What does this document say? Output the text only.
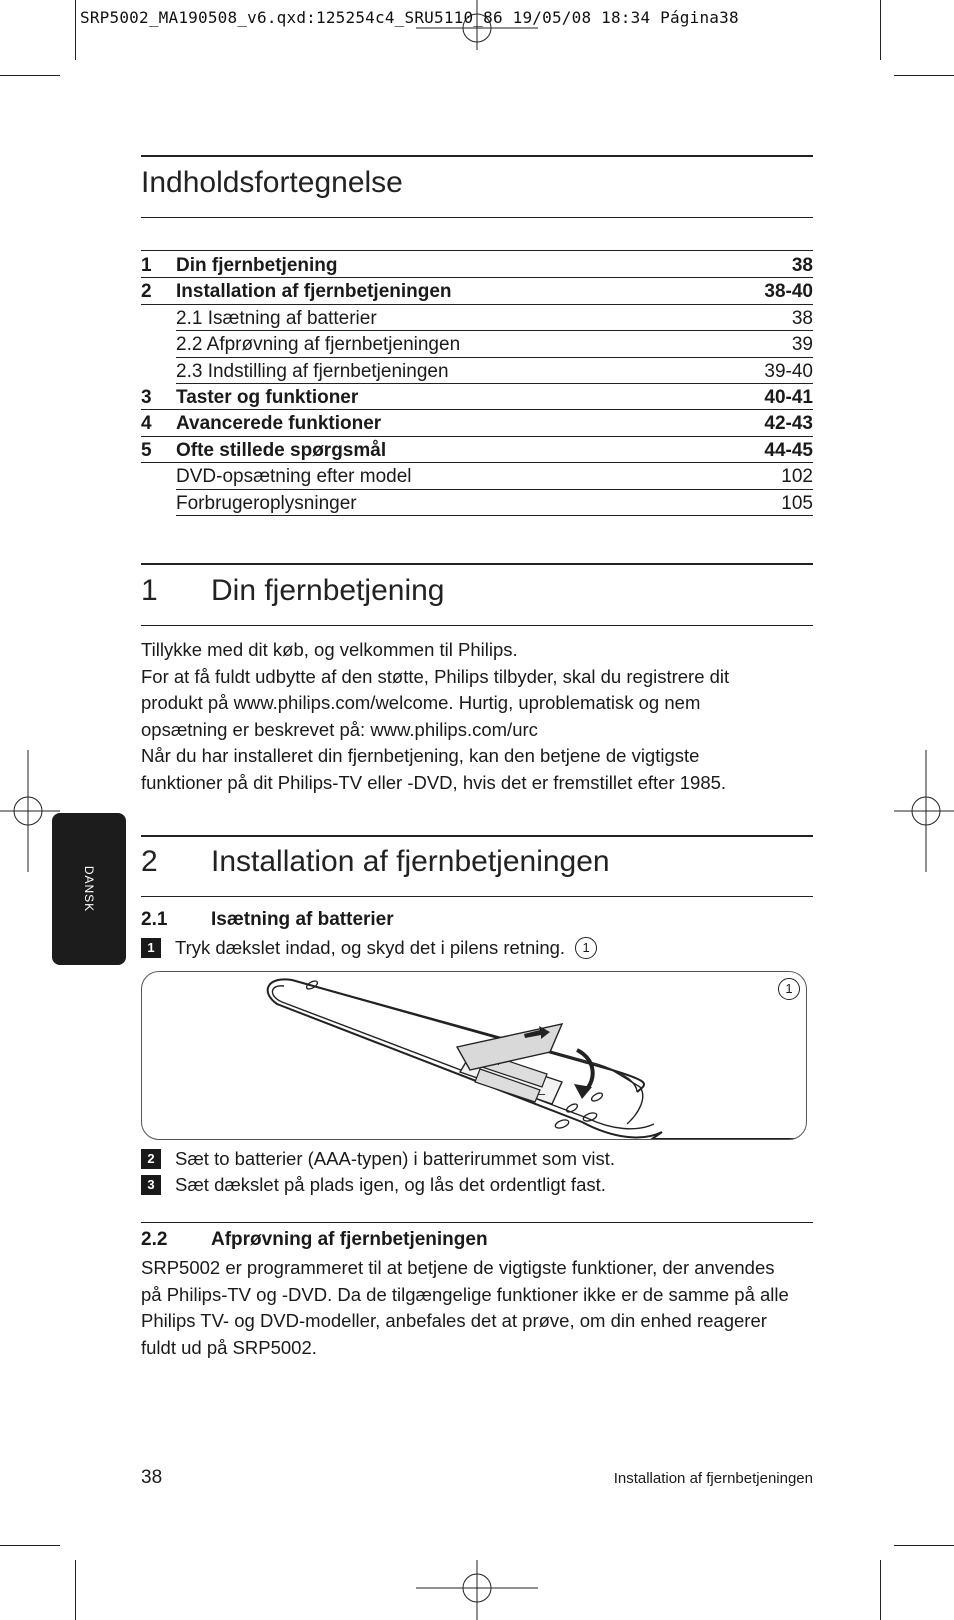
SRP5002_MA190508_v6.qxd:125254c4_SRU5110_86 19/05/08 18:34 Página38
Indholdsfortegnelse
1 Din fjernbetjening	38
2 Installation af fjernbetjeningen	38-40
2.1 Isætning af batterier	38
2.2 Afprøvning af fjernbetjeningen	39
2.3 Indstilling af fjernbetjeningen	39-40
3 Taster og funktioner	40-41
4 Avancerede funktioner	42-43
5 Ofte stillede spørgsmål	44-45
DVD-opsætning efter model	102
Forbrugeroplysninger	105
1 Din fjernbetjening
Tillykke med dit køb, og velkommen til Philips.
For at få fuldt udbytte af den støtte, Philips tilbyder, skal du registrere dit
produkt på www.philips.com/welcome. Hurtig, uproblematisk og nem
opsætning er beskrevet på: www.philips.com/urc
Når du har installeret din fjernbetjening, kan den betjene de vigtigste
funktioner på dit Philips-TV eller -DVD, hvis det er fremstillet efter 1985.
DANSK
2 Installation af fjernbetjeningen
2.1 Isætning af batterier
1	Tryk dækslet indad, og skyd det i pilens retning.	1
−
1
2	Sæt to batterier (AAA-typen) i batterirummet som vist.
3	Sæt dækslet på plads igen, og lås det ordentligt fast.
2.2 Afprøvning af fjernbetjeningen
SRP5002 er programmeret til at betjene de vigtigste funktioner, der anvendes
på Philips-TV og -DVD. Da de tilgængelige funktioner ikke er de samme på alle
Philips TV- og DVD-modeller, anbefales det at prøve, om din enhed reagerer
fuldt ud på SRP5002.
38	Installation af fjernbetjeningen
